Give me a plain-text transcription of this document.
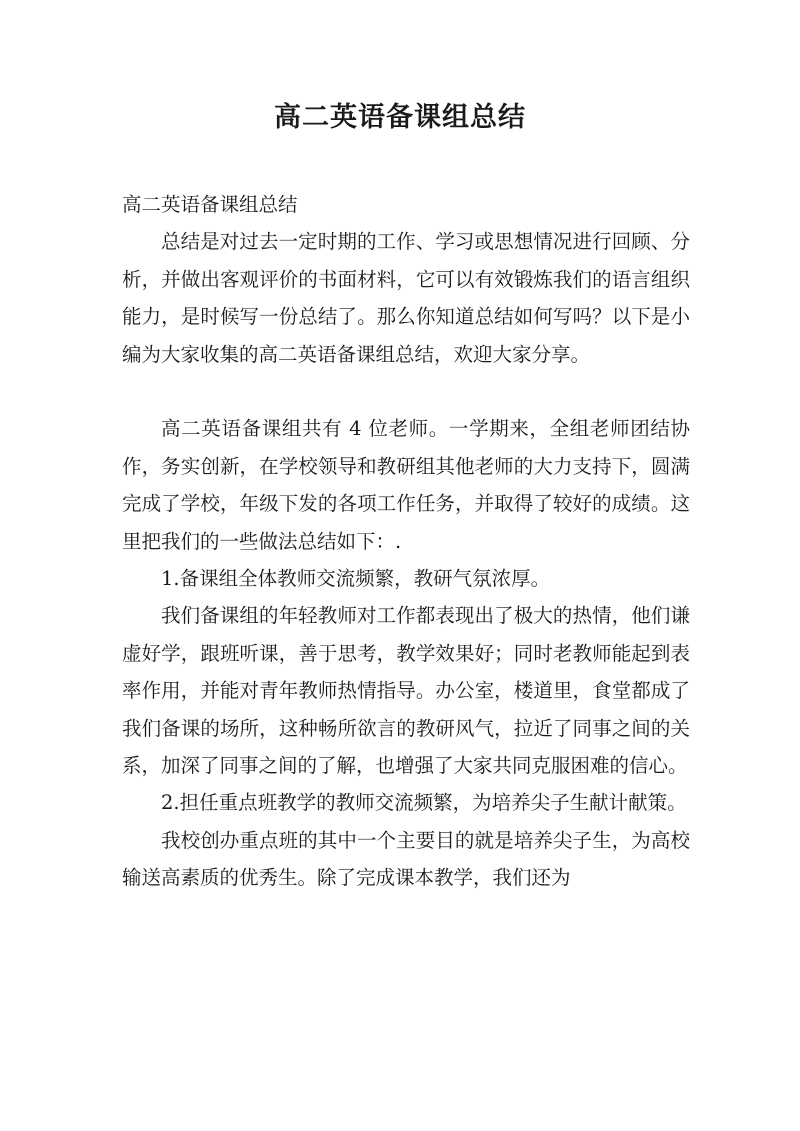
高二英语备课组总结

高二英语备课组总结

总结是对过去一定时期的工作、学习或思想情况进行回顾、分析，并做出客观评价的书面材料，它可以有效锻炼我们的语言组织能力，是时候写一份总结了。那么你知道总结如何写吗？以下是小编为大家收集的高二英语备课组总结，欢迎大家分享。

高二英语备课组共有 4 位老师。一学期来，全组老师团结协作，务实创新，在学校领导和教研组其他老师的大力支持下，圆满完成了学校，年级下发的各项工作任务，并取得了较好的成绩。这里把我们的一些做法总结如下：.

1.备课组全体教师交流频繁，教研气氛浓厚。

我们备课组的年轻教师对工作都表现出了极大的热情，他们谦虚好学，跟班听课，善于思考，教学效果好；同时老教师能起到表率作用，并能对青年教师热情指导。办公室，楼道里，食堂都成了我们备课的场所，这种畅所欲言的教研风气，拉近了同事之间的关系，加深了同事之间的了解，也增强了大家共同克服困难的信心。

2.担任重点班教学的教师交流频繁，为培养尖子生献计献策。

我校创办重点班的其中一个主要目的就是培养尖子生，为高校输送高素质的优秀生。除了完成课本教学，我们还为
